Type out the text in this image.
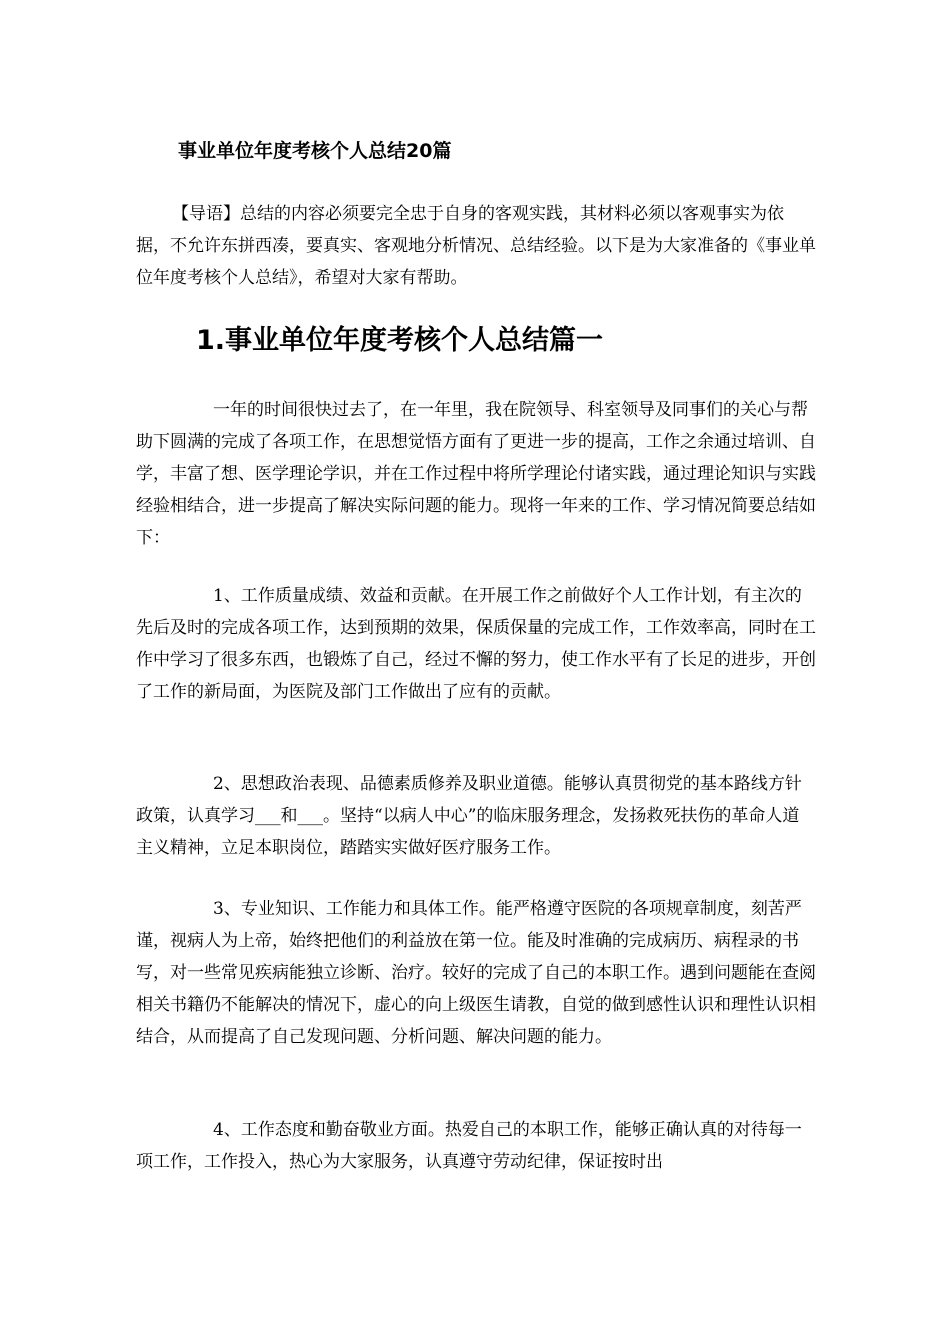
事业单位年度考核个人总结20篇

【导语】总结的内容必须要完全忠于自身的客观实践，其材料必须以客观事实为依据，不允许东拼西凑，要真实、客观地分析情况、总结经验。以下是为大家准备的《事业单位年度考核个人总结》，希望对大家有帮助。

1.事业单位年度考核个人总结篇一

一年的时间很快过去了，在一年里，我在院领导、科室领导及同事们的关心与帮助下圆满的完成了各项工作，在思想觉悟方面有了更进一步的提高，工作之余通过培训、自学，丰富了想、医学理论学识，并在工作过程中将所学理论付诸实践，通过理论知识与实践经验相结合，进一步提高了解决实际问题的能力。现将一年来的工作、学习情况简要总结如下：

1、工作质量成绩、效益和贡献。在开展工作之前做好个人工作计划，有主次的先后及时的完成各项工作，达到预期的效果，保质保量的完成工作，工作效率高，同时在工作中学习了很多东西，也锻炼了自己，经过不懈的努力，使工作水平有了长足的进步，开创了工作的新局面，为医院及部门工作做出了应有的贡献。

2、思想政治表现、品德素质修养及职业道德。能够认真贯彻党的基本路线方针政策，认真学习___和___。坚持“以病人中心”的临床服务理念，发扬救死扶伤的革命人道主义精神，立足本职岗位，踏踏实实做好医疗服务工作。

3、专业知识、工作能力和具体工作。能严格遵守医院的各项规章制度，刻苦严谨，视病人为上帝，始终把他们的利益放在第一位。能及时准确的完成病历、病程录的书写，对一些常见疾病能独立诊断、治疗。较好的完成了自己的本职工作。遇到问题能在查阅相关书籍仍不能解决的情况下，虚心的向上级医生请教，自觉的做到感性认识和理性认识相结合，从而提高了自己发现问题、分析问题、解决问题的能力。

4、工作态度和勤奋敬业方面。热爱自己的本职工作，能够正确认真的对待每一项工作，工作投入，热心为大家服务，认真遵守劳动纪律，保证按时出
